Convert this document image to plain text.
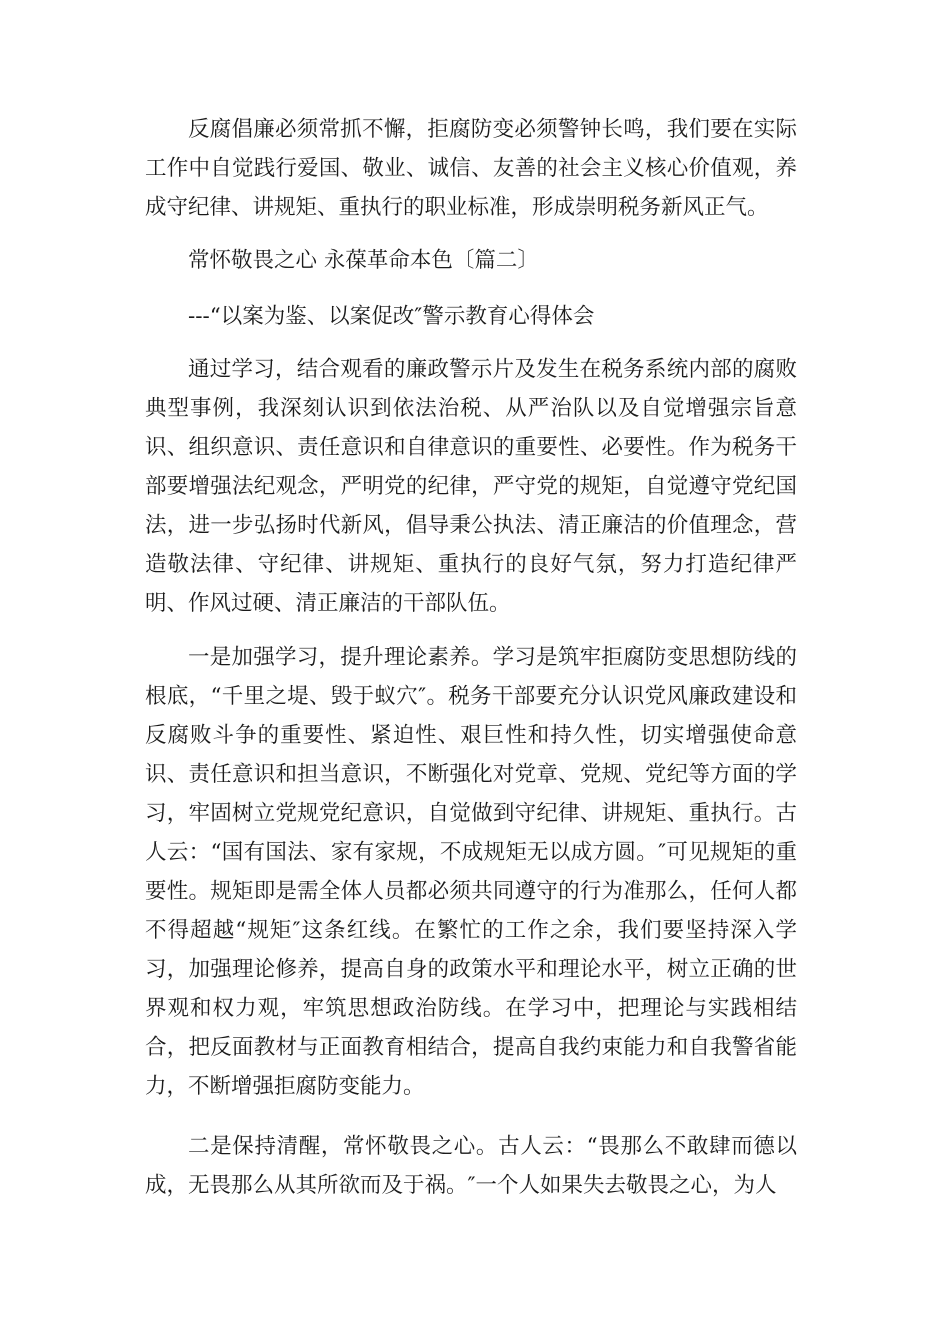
反腐倡廉必须常抓不懈，拒腐防变必须警钟长鸣，我们要在实际工作中自觉践行爱国、敬业、诚信、友善的社会主义核心价值观，养成守纪律、讲规矩、重执行的职业标准，形成崇明税务新风正气。

常怀敬畏之心 永葆革命本色〔篇二〕

---“以案为鉴、以案促改″警示教育心得体会

通过学习，结合观看的廉政警示片及发生在税务系统内部的腐败典型事例，我深刻认识到依法治税、从严治队以及自觉增强宗旨意识、组织意识、责任意识和自律意识的重要性、必要性。作为税务干部要增强法纪观念，严明党的纪律，严守党的规矩，自觉遵守党纪国法，进一步弘扬时代新风，倡导秉公执法、清正廉洁的价值理念，营造敬法律、守纪律、讲规矩、重执行的良好气氛，努力打造纪律严明、作风过硬、清正廉洁的干部队伍。

一是加强学习，提升理论素养。学习是筑牢拒腐防变思想防线的根底，“千里之堤、毁于蚁穴″。税务干部要充分认识党风廉政建设和反腐败斗争的重要性、紧迫性、艰巨性和持久性，切实增强使命意识、责任意识和担当意识，不断强化对党章、党规、党纪等方面的学习，牢固树立党规党纪意识，自觉做到守纪律、讲规矩、重执行。古人云：“国有国法、家有家规，不成规矩无以成方圆。″可见规矩的重要性。规矩即是需全体人员都必须共同遵守的行为准那么，任何人都不得超越“规矩″这条红线。在繁忙的工作之余，我们要坚持深入学习，加强理论修养，提高自身的政策水平和理论水平，树立正确的世界观和权力观，牢筑思想政治防线。在学习中，把理论与实践相结合，把反面教材与正面教育相结合，提高自我约束能力和自我警省能力，不断增强拒腐防变能力。

二是保持清醒，常怀敬畏之心。古人云：“畏那么不敢肆而德以成，无畏那么从其所欲而及于祸。″一个人如果失去敬畏之心，为人
